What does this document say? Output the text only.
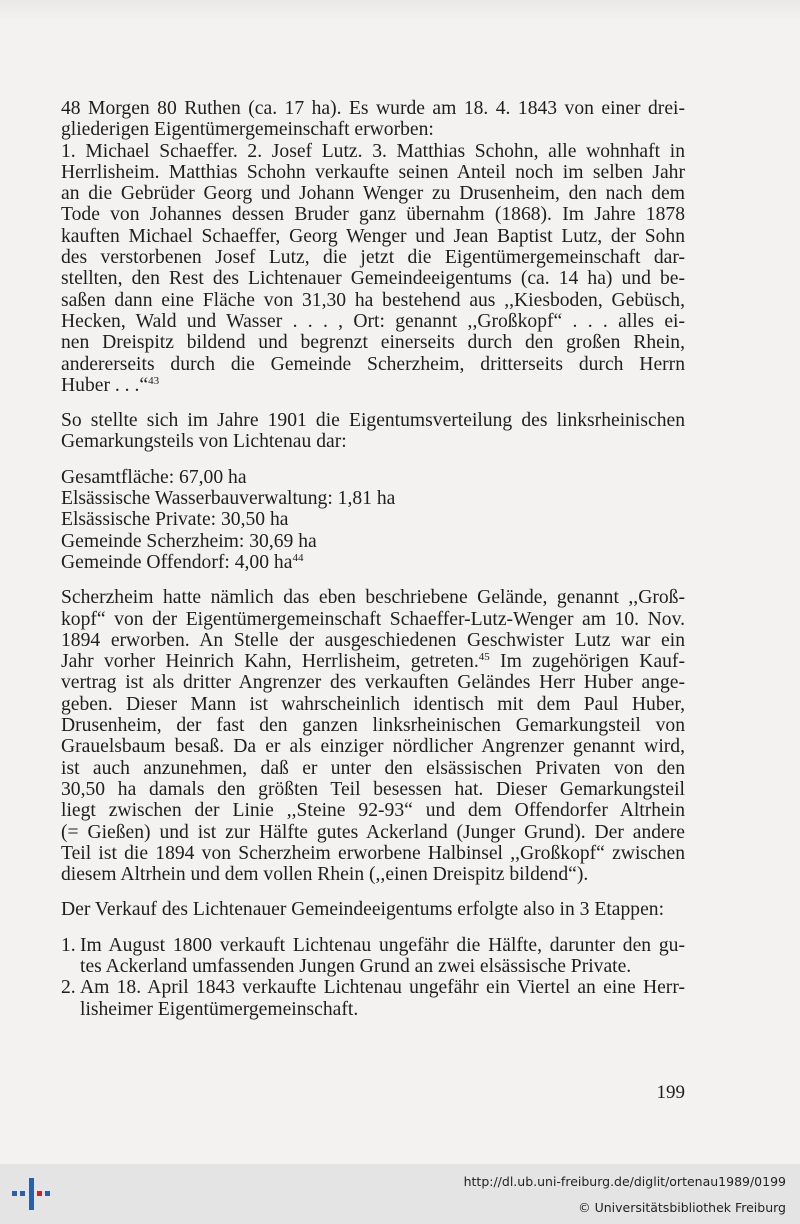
48 Morgen 80 Ruthen (ca. 17 ha). Es wurde am 18. 4. 1843 von einer drei-
gliederigen Eigentümergemeinschaft erworben:

1. Michael Schaeffer. 2. Josef Lutz. 3. Matthias Schohn, alle wohnhaft in
Herrlisheim. Matthias Schohn verkaufte seinen Anteil noch im selben Jahr
an die Gebrüder Georg und Johann Wenger zu Drusenheim, den nach dem
Tode von Johannes dessen Bruder ganz übernahm (1868). Im Jahre 1878
kauften Michael Schaeffer, Georg Wenger und Jean Baptist Lutz, der Sohn
des verstorbenen Josef Lutz, die jetzt die Eigentümergemeinschaft dar-
stellten, den Rest des Lichtenauer Gemeindeeigentums (ca. 14 ha) und be-
saßen dann eine Fläche von 31,30 ha bestehend aus ,,Kiesboden, Gebüsch,
Hecken, Wald und Wasser . . . , Ort: genannt ,,Großkopf“ . . . alles ei-
nen Dreispitz bildend und begrenzt einerseits durch den großen Rhein,
andererseits durch die Gemeinde Scherzheim, dritterseits durch Herrn
Huber . . .“$^{43}$

So stellte sich im Jahre 1901 die Eigentumsverteilung des linksrheinischen
Gemarkungsteils von Lichtenau dar:

Gesamtfläche: 67,00 ha
Elsässische Wasserbauverwaltung: 1,81 ha
Elsässische Private: 30,50 ha
Gemeinde Scherzheim: 30,69 ha
Gemeinde Offendorf: 4,00 $ha^{44}$

Scherzheim hatte nämlich das eben beschriebene Gelände, genannt ,,Groß-
kopf“ von der Eigentümergemeinschaft Schaeffer-Lutz-Wenger am 10. Nov.
1894 erworben. An Stelle der ausgeschiedenen Geschwister Lutz war ein
Jahr vorher Heinrich Kahn, Herrlisheim, getreten.$^{45}$ Im zugehörigen Kauf-
vertrag ist als dritter Angrenzer des verkauften Geländes Herr Huber ange-
geben. Dieser Mann ist wahrscheinlich identisch mit dem Paul Huber,
Drusenheim, der fast den ganzen linksrheinischen Gemarkungsteil von
Grauelsbaum besaß. Da er als einziger nördlicher Angrenzer genannt wird,
ist auch anzunehmen, daß er unter den elsässischen Privaten von den
30,50 ha damals den größten Teil besessen hat. Dieser Gemarkungsteil
liegt zwischen der Linie ,,Steine 92-93“ und dem Offendorfer Altrhein
(= Gießen) und ist zur Hälfte gutes Ackerland (Junger Grund). Der andere
Teil ist die 1894 von Scherzheim erworbene Halbinsel ,,Großkopf“ zwischen
diesem Altrhein und dem vollen Rhein (,,einen Dreispitz bildend“).

Der Verkauf des Lichtenauer Gemeindeeigentums erfolgte also in 3 Etappen:

1. Im August 1800 verkauft Lichtenau ungefähr die Hälfte, darunter den gu-
tes Ackerland umfassenden Jungen Grund an zwei elsässische Private.
2. Am 18. April 1843 verkaufte Lichtenau ungefähr ein Viertel an eine Herr-
lisheimer Eigentümergemeinschaft.
199
http://dl.ub.uni-freiburg.de/diglit/ortenau1989/0199
© Universitätsbibliothek Freiburg
